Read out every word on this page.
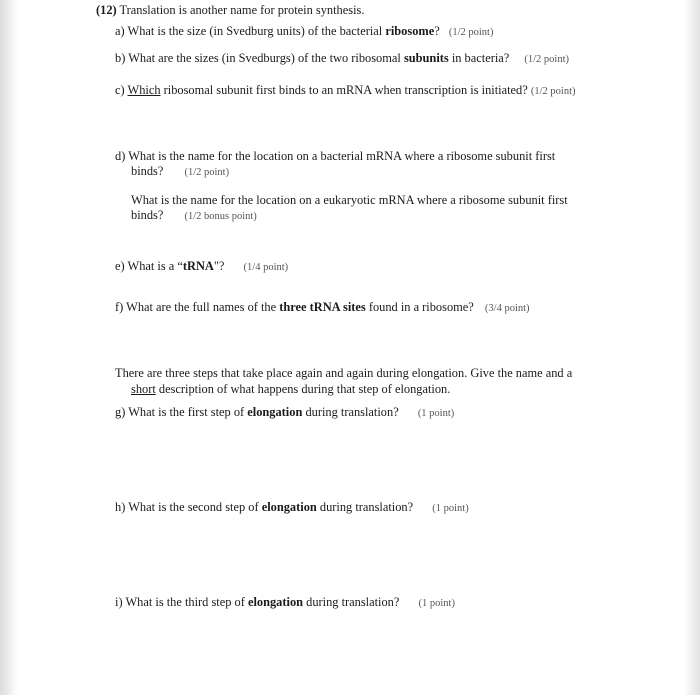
(12) Translation is another name for protein synthesis.
a) What is the size (in Svedburg units) of the bacterial ribosome? (1/2 point)
b) What are the sizes (in Svedburgs) of the two ribosomal subunits in bacteria? (1/2 point)
c) Which ribosomal subunit first binds to an mRNA when transcription is initiated? (1/2 point)
d) What is the name for the location on a bacterial mRNA where a ribosome subunit first
binds? (1/2 point)
What is the name for the location on a eukaryotic mRNA where a ribosome subunit first
binds? (1/2 bonus point)
e) What is a “tRNA"? (1/4 point)
f) What are the full names of the three tRNA sites found in a ribosome? (3/4 point)
There are three steps that take place again and again during elongation. Give the name and a
short description of what happens during that step of elongation.
g) What is the first step of elongation during translation? (1 point)
h) What is the second step of elongation during translation? (1 point)
i) What is the third step of elongation during translation? (1 point)
